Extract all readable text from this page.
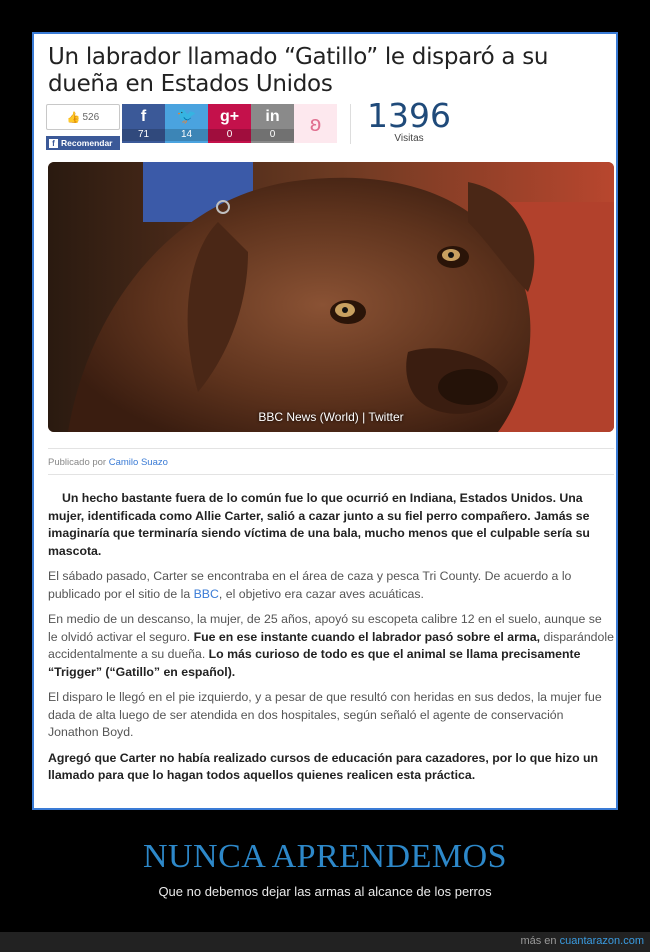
Un labrador llamado “Gatillo” le disparó a su dueña en Estados Unidos
👍 526
f Recomendar
f
71
🐦
14
g+
0
in
0	ʚ	1396
Visitas
BBC News (World) | Twitter
Publicado por Camilo Suazo

Un hecho bastante fuera de lo común fue lo que ocurrió en Indiana, Estados Unidos. Una mujer, identificada como Allie Carter, salió a cazar junto a su fiel perro compañero. Jamás se imaginaría que terminaría siendo víctima de una bala, mucho menos que el culpable sería su mascota.

El sábado pasado, Carter se encontraba en el área de caza y pesca Tri County. De acuerdo a lo publicado por el sitio de la BBC, el objetivo era cazar aves acuáticas.

En medio de un descanso, la mujer, de 25 años, apoyó su escopeta calibre 12 en el suelo, aunque se le olvidó activar el seguro. Fue en ese instante cuando el labrador pasó sobre el arma, disparándole accidentalmente a su dueña. Lo más curioso de todo es que el animal se llama precisamente “Trigger” (“Gatillo” en español).

El disparo le llegó en el pie izquierdo, y a pesar de que resultó con heridas en sus dedos, la mujer fue dada de alta luego de ser atendida en dos hospitales, según señaló el agente de conservación Jonathon Boyd.

Agregó que Carter no había realizado cursos de educación para cazadores, por lo que hizo un llamado para que lo hagan todos aquellos quienes realicen esta práctica.

NUNCA APRENDEMOS
Que no debemos dejar las armas al alcance de los perros
más en cuantarazon.com
